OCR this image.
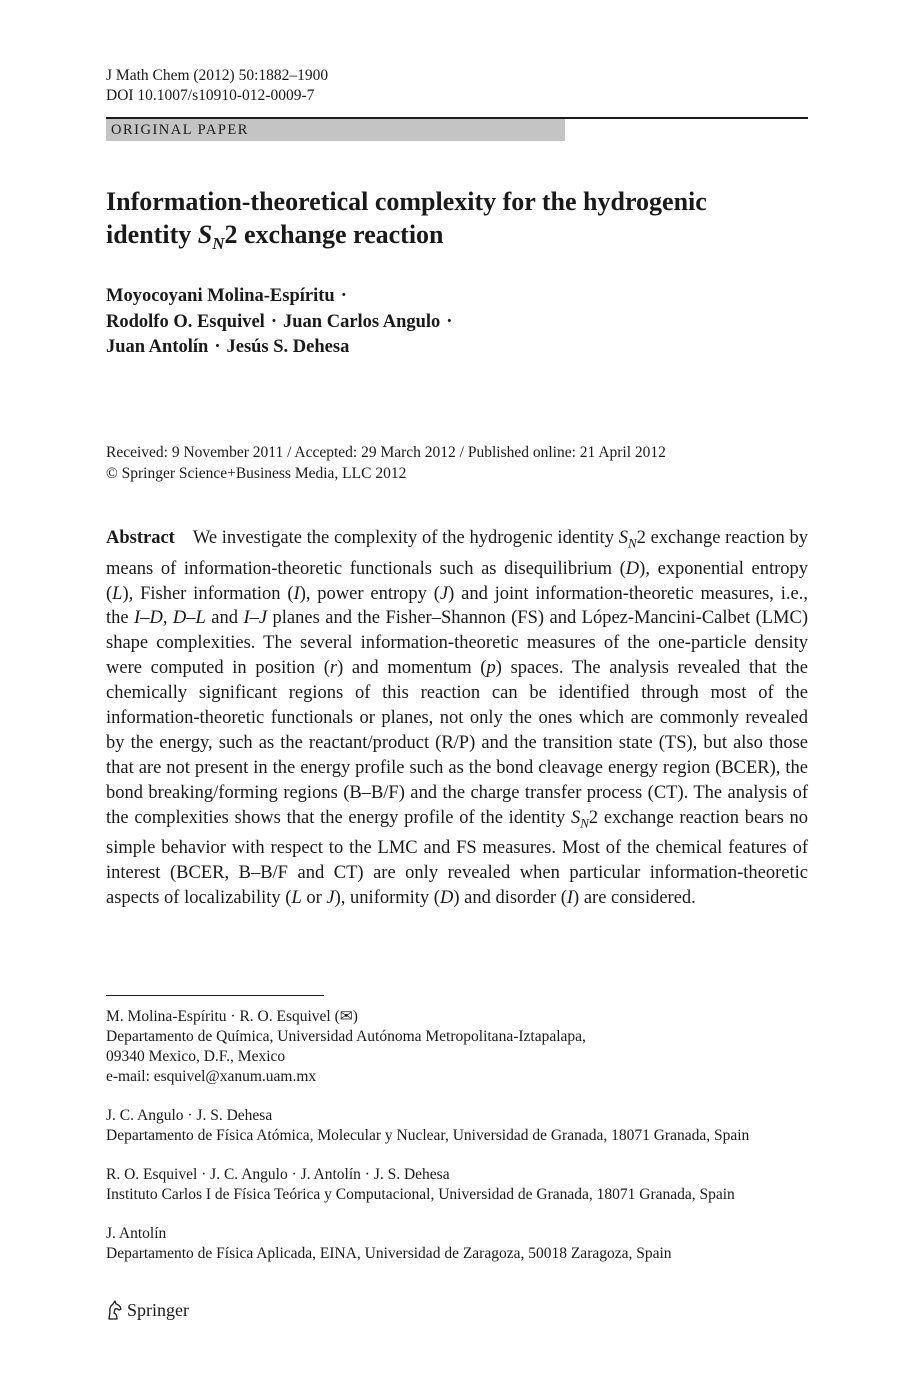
J Math Chem (2012) 50:1882–1900
DOI 10.1007/s10910-012-0009-7
ORIGINAL PAPER
Information-theoretical complexity for the hydrogenic
identity $S_N2$ exchange reaction
Moyocoyani Molina-Espíritu ·
Rodolfo O. Esquivel · Juan Carlos Angulo ·
Juan Antolín · Jesús S. Dehesa
Received: 9 November 2011 / Accepted: 29 March 2012 / Published online: 21 April 2012
© Springer Science+Business Media, LLC 2012

Abstract We investigate the complexity of the hydrogenic identity $S_N2$ exchange reaction by means of information-theoretic functionals such as disequilibrium (D), exponential entropy (L), Fisher information (I), power entropy (J) and joint information-theoretic measures, i.e., the I–D, D–L and I–J planes and the Fisher–Shannon (FS) and López-Mancini-Calbet (LMC) shape complexities. The several information-theoretic measures of the one-particle density were computed in position (r) and momentum (p) spaces. The analysis revealed that the chemically significant regions of this reaction can be identified through most of the information-theoretic functionals or planes, not only the ones which are commonly revealed by the energy, such as the reactant/product (R/P) and the transition state (TS), but also those that are not present in the energy profile such as the bond cleavage energy region (BCER), the bond breaking/forming regions (B–B/F) and the charge transfer process (CT). The analysis of the complexities shows that the energy profile of the identity $S_N2$ exchange reaction bears no simple behavior with respect to the LMC and FS measures. Most of the chemical features of interest (BCER, B–B/F and CT) are only revealed when particular information-theoretic aspects of localizability (L or J), uniformity (D) and disorder (I) are considered.

M. Molina-Espíritu · R. O. Esquivel (✉)
Departamento de Química, Universidad Autónoma Metropolitana-Iztapalapa,
09340 Mexico, D.F., Mexico
e-mail: esquivel@xanum.uam.mx
J. C. Angulo · J. S. Dehesa
Departamento de Física Atómica, Molecular y Nuclear, Universidad de Granada, 18071 Granada, Spain
R. O. Esquivel · J. C. Angulo · J. Antolín · J. S. Dehesa
Instituto Carlos I de Física Teórica y Computacional, Universidad de Granada, 18071 Granada, Spain
J. Antolín
Departamento de Física Aplicada, EINA, Universidad de Zaragoza, 50018 Zaragoza, Spain
Springer
